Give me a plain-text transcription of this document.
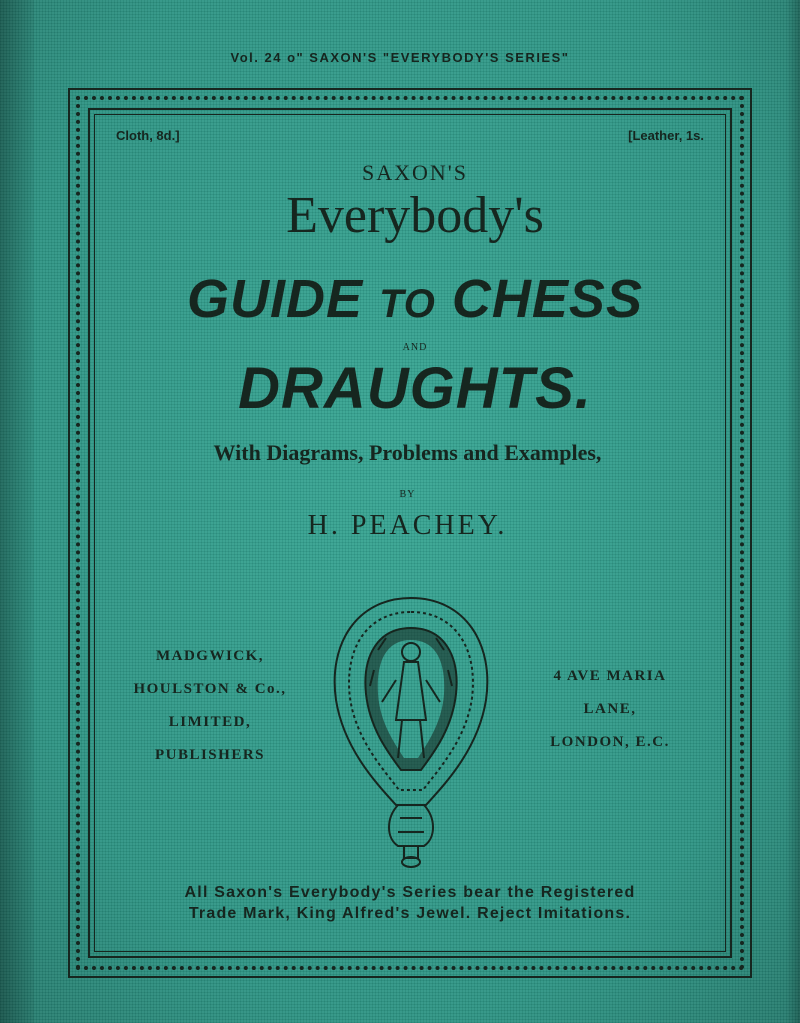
Vol. 24 o" SAXON'S "EVERYBODY'S SERIES"
Cloth, 8d.]	[Leather, 1s.
SAXON'S
Everybody's
GUIDE TO CHESS
AND
DRAUGHTS.
With Diagrams, Problems and Examples,
BY
H. PEACHEY.
MADGWICK,
HOULSTON & Co.,
LIMITED,
PUBLISHERS
4 AVE MARIA
LANE,
LONDON, E.C.
All Saxon's Everybody's Series bear the Registered
Trade Mark, King Alfred's Jewel. Reject Imitations.
